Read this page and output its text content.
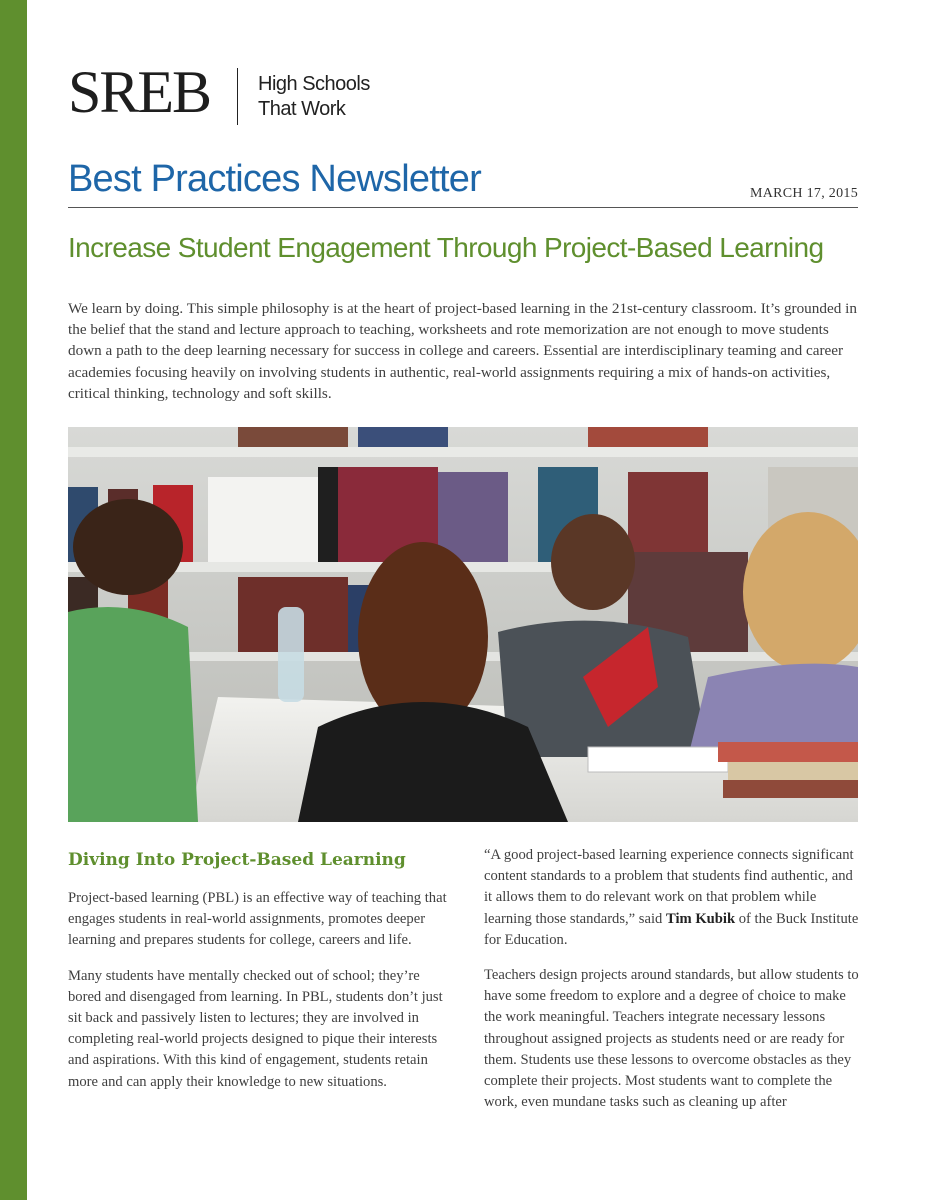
SREB High Schools
That Work
Best Practices Newsletter	MARCH 17, 2015
Increase Student Engagement Through Project-Based Learning

We learn by doing. This simple philosophy is at the heart of project-based learning in the 21st-century classroom. It’s grounded in the belief that the stand and lecture approach to teaching, worksheets and rote memorization are not enough to move students down a path to the deep learning necessary for success in college and careers. Essential are interdisciplinary teaming and career academies focusing heavily on involving students in authentic, real-world assignments requiring a mix of hands-on activities, critical thinking, technology and soft skills.

Diving Into Project-Based Learning

Project-based learning (PBL) is an effective way of teaching that engages students in real-world assignments, promotes deeper learning and prepares students for college, careers and life.

Many students have mentally checked out of school; they’re bored and disengaged from learning. In PBL, students don’t just sit back and passively listen to lectures; they are involved in completing real-world projects designed to pique their interests and aspirations. With this kind of engagement, students retain more and can apply their knowledge to new situations.

“A good project-based learning experience connects significant content standards to a problem that students find authentic, and it allows them to do relevant work on that problem while learning those standards,” said Tim Kubik of the Buck Institute for Education.

Teachers design projects around standards, but allow students to have some freedom to explore and a degree of choice to make the work meaningful. Teachers integrate necessary lessons throughout assigned projects as students need or are ready for them. Students use these lessons to overcome obstacles as they complete their projects. Most students want to complete the work, even mundane tasks such as cleaning up after
